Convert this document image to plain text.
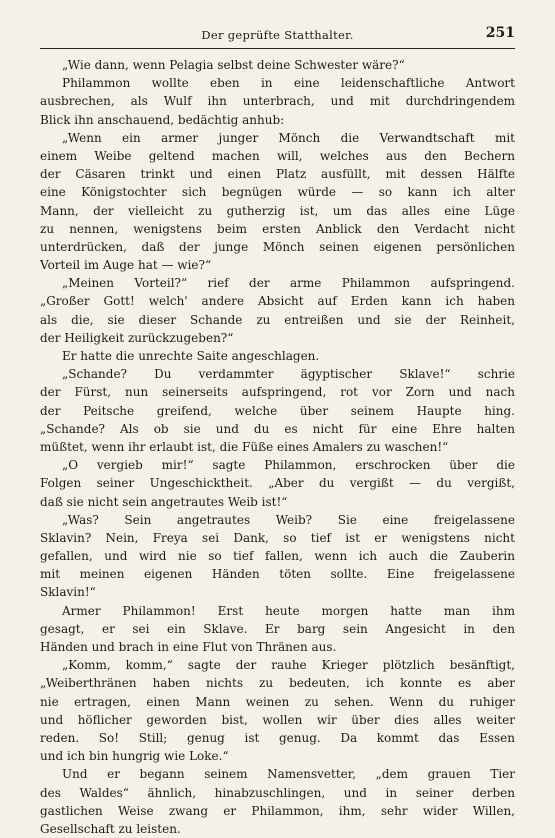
Der geprüfte Statthalter.	251
„Wie dann, wenn Pelagia selbst deine Schwester wäre?“
Philammon wollte eben in eine leidenschaftliche Antwort
ausbrechen, als Wulf ihn unterbrach, und mit durchdringendem
Blick ihn anschauend, bedächtig anhub:
„Wenn ein armer junger Mönch die Verwandtschaft mit
einem Weibe geltend machen will, welches aus den Bechern
der Cäsaren trinkt und einen Platz ausfüllt, mit dessen Hälfte
eine Königstochter sich begnügen würde — so kann ich alter
Mann, der vielleicht zu gutherzig ist, um das alles eine Lüge
zu nennen, wenigstens beim ersten Anblick den Verdacht nicht
unterdrücken, daß der junge Mönch seinen eigenen persönlichen
Vorteil im Auge hat — wie?“
„Meinen Vorteil?“ rief der arme Philammon aufspringend.
„Großer Gott! welch' andere Absicht auf Erden kann ich haben
als die, sie dieser Schande zu entreißen und sie der Reinheit,
der Heiligkeit zurückzugeben?“
Er hatte die unrechte Saite angeschlagen.
„Schande? Du verdammter ägyptischer Sklave!“ schrie
der Fürst, nun seinerseits aufspringend, rot vor Zorn und nach
der Peitsche greifend, welche über seinem Haupte hing.
„Schande? Als ob sie und du es nicht für eine Ehre halten
müßtet, wenn ihr erlaubt ist, die Füße eines Amalers zu waschen!“
„O vergieb mir!“ sagte Philammon, erschrocken über die
Folgen seiner Ungeschicktheit. „Aber du vergißt — du vergißt,
daß sie nicht sein angetrautes Weib ist!“
„Was? Sein angetrautes Weib? Sie eine freigelassene
Sklavin? Nein, Freya sei Dank, so tief ist er wenigstens nicht
gefallen, und wird nie so tief fallen, wenn ich auch die Zauberin
mit meinen eigenen Händen töten sollte. Eine freigelassene
Sklavin!“
Armer Philammon! Erst heute morgen hatte man ihm
gesagt, er sei ein Sklave. Er barg sein Angesicht in den
Händen und brach in eine Flut von Thränen aus.
„Komm, komm,“ sagte der rauhe Krieger plötzlich besänftigt,
„Weiberthränen haben nichts zu bedeuten, ich konnte es aber
nie ertragen, einen Mann weinen zu sehen. Wenn du ruhiger
und höflicher geworden bist, wollen wir über dies alles weiter
reden. So! Still; genug ist genug. Da kommt das Essen
und ich bin hungrig wie Loke.“
Und er begann seinem Namensvetter, „dem grauen Tier
des Waldes“ ähnlich, hinabzuschlingen, und in seiner derben
gastlichen Weise zwang er Philammon, ihm, sehr wider Willen,
Gesellschaft zu leisten.
